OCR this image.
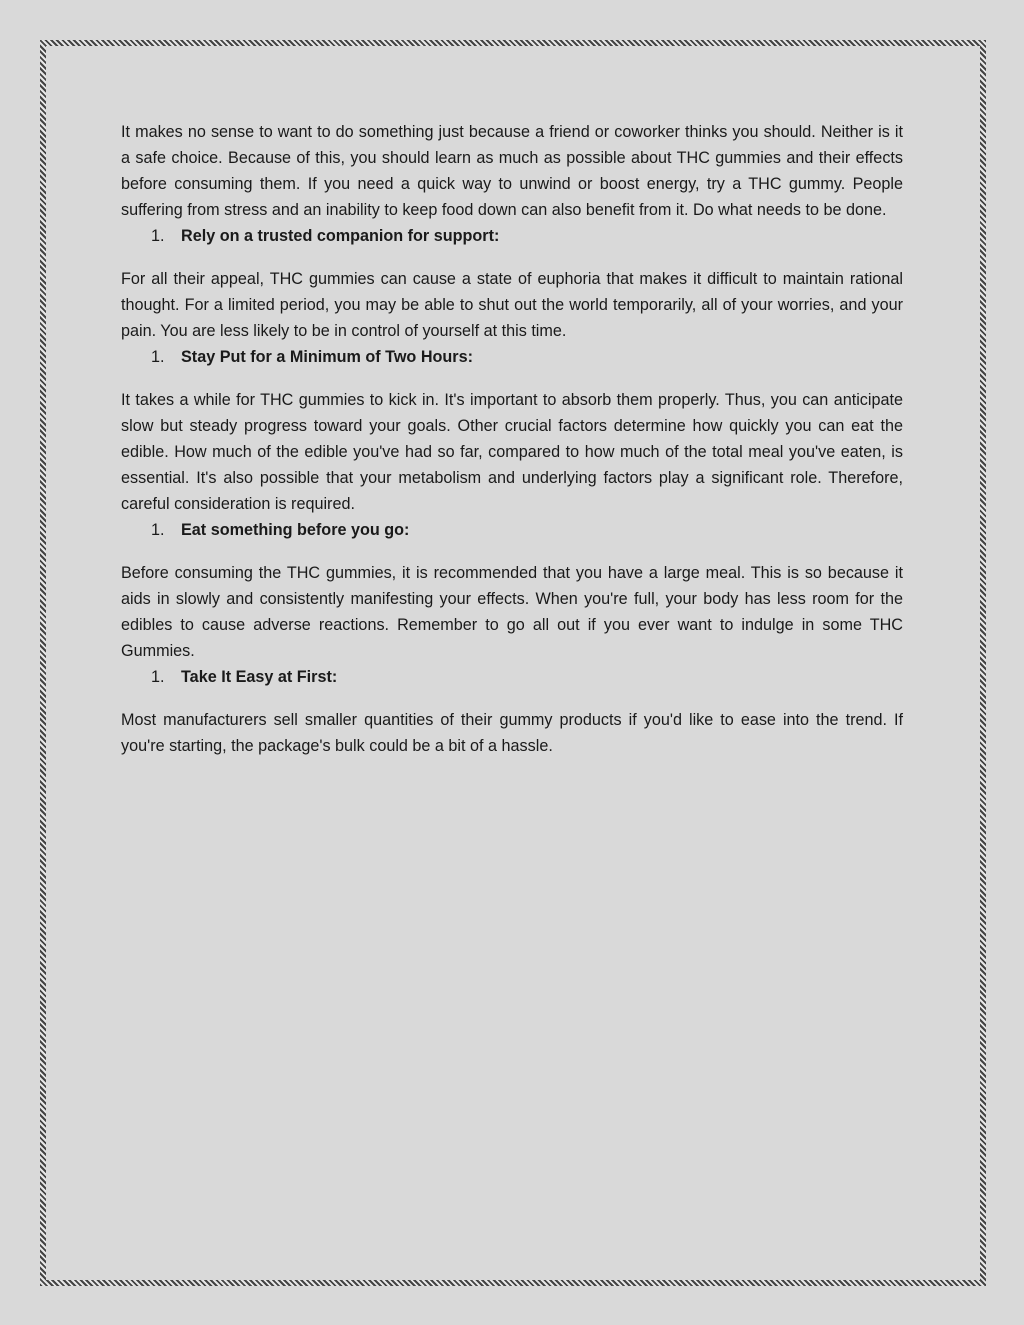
It makes no sense to want to do something just because a friend or coworker thinks you should. Neither is it a safe choice. Because of this, you should learn as much as possible about THC gummies and their effects before consuming them. If you need a quick way to unwind or boost energy, try a THC gummy. People suffering from stress and an inability to keep food down can also benefit from it. Do what needs to be done.

1.	Rely on a trusted companion for support:

For all their appeal, THC gummies can cause a state of euphoria that makes it difficult to maintain rational thought. For a limited period, you may be able to shut out the world temporarily, all of your worries, and your pain. You are less likely to be in control of yourself at this time.

1.	Stay Put for a Minimum of Two Hours:

It takes a while for THC gummies to kick in. It's important to absorb them properly. Thus, you can anticipate slow but steady progress toward your goals. Other crucial factors determine how quickly you can eat the edible. How much of the edible you've had so far, compared to how much of the total meal you've eaten, is essential. It's also possible that your metabolism and underlying factors play a significant role. Therefore, careful consideration is required.

1.	Eat something before you go:

Before consuming the THC gummies, it is recommended that you have a large meal. This is so because it aids in slowly and consistently manifesting your effects. When you're full, your body has less room for the edibles to cause adverse reactions. Remember to go all out if you ever want to indulge in some THC Gummies.

1.	Take It Easy at First:

Most manufacturers sell smaller quantities of their gummy products if you'd like to ease into the trend. If you're starting, the package's bulk could be a bit of a hassle.
